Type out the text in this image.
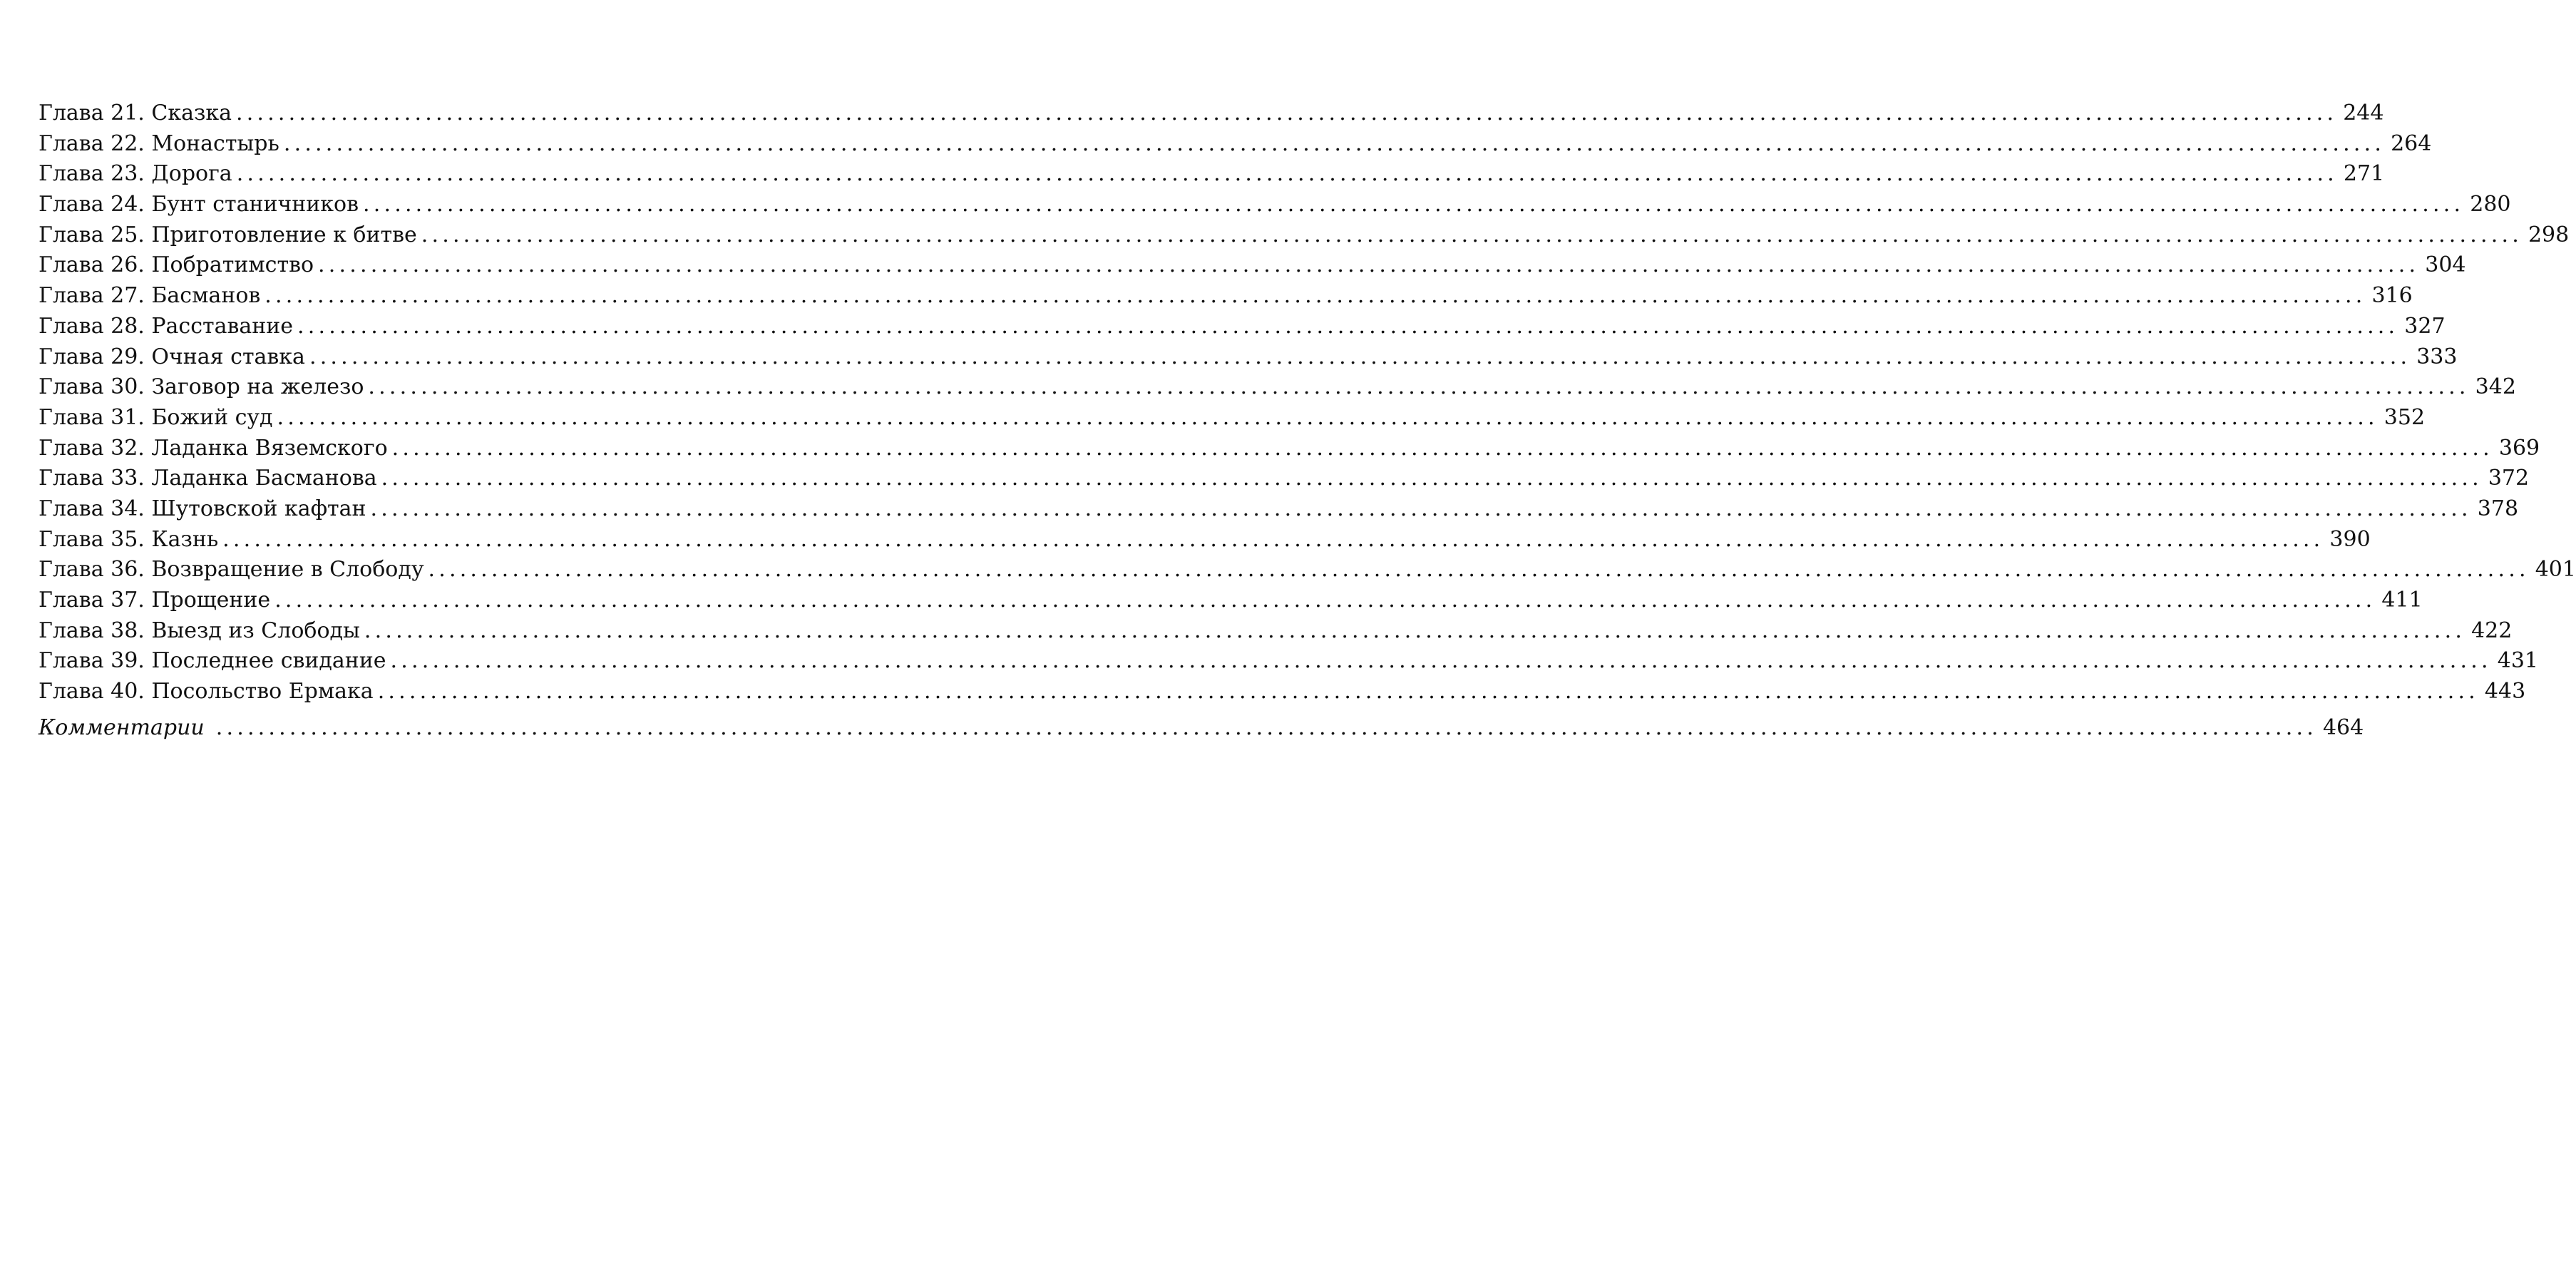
Глава 21. Сказка ........................................................................................................................................................................................................ 244
Глава 22. Монастырь ........................................................................................................................................................................................................ 264
Глава 23. Дорога ........................................................................................................................................................................................................ 271
Глава 24. Бунт станичников ........................................................................................................................................................................................................ 280
Глава 25. Приготовление к битве ........................................................................................................................................................................................................ 298
Глава 26. Побратимство ........................................................................................................................................................................................................ 304
Глава 27. Басманов ........................................................................................................................................................................................................ 316
Глава 28. Расставание ........................................................................................................................................................................................................ 327
Глава 29. Очная ставка ........................................................................................................................................................................................................ 333
Глава 30. Заговор на железо ........................................................................................................................................................................................................ 342
Глава 31. Божий суд ........................................................................................................................................................................................................ 352
Глава 32. Ладанка Вяземского ........................................................................................................................................................................................................ 369
Глава 33. Ладанка Басманова ........................................................................................................................................................................................................ 372
Глава 34. Шутовской кафтан ........................................................................................................................................................................................................ 378
Глава 35. Казнь ........................................................................................................................................................................................................ 390
Глава 36. Возвращение в Слободу ........................................................................................................................................................................................................ 401
Глава 37. Прощение ........................................................................................................................................................................................................ 411
Глава 38. Выезд из Слободы ........................................................................................................................................................................................................ 422
Глава 39. Последнее свидание ........................................................................................................................................................................................................ 431
Глава 40. Посольство Ермака ........................................................................................................................................................................................................ 443
Комментарии ........................................................................................................................................................................................................ 464
